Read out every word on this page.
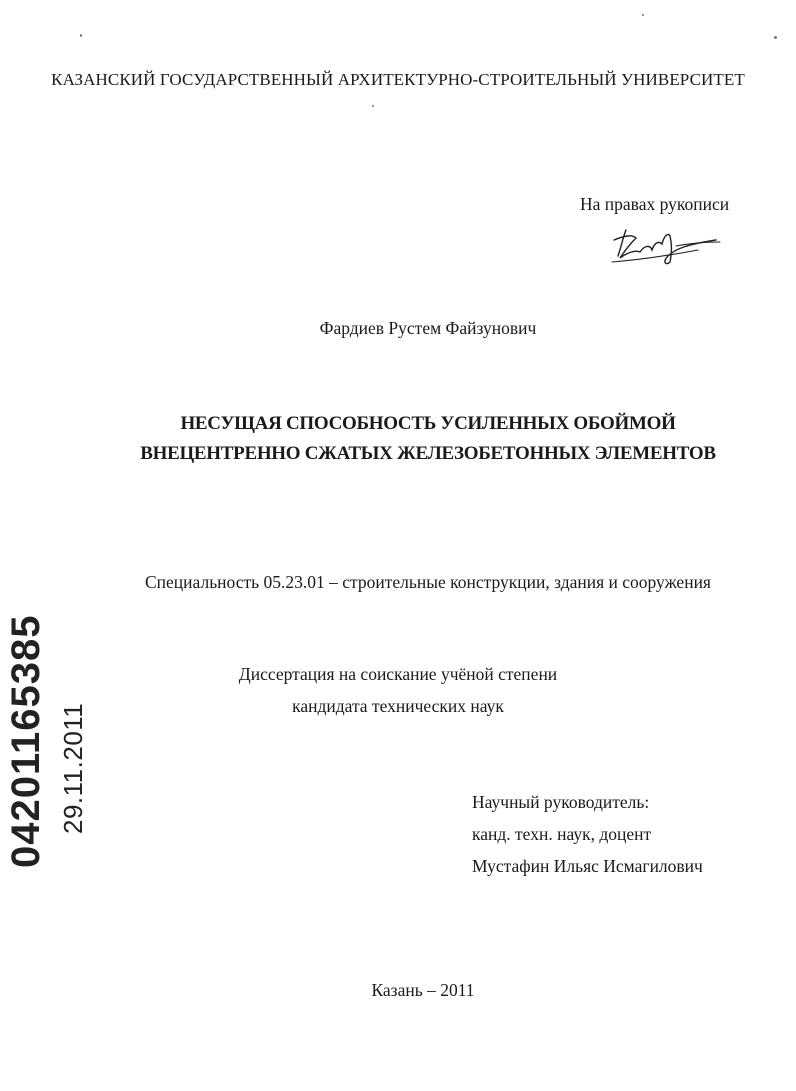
КАЗАНСКИЙ ГОСУДАРСТВЕННЫЙ АРХИТЕКТУРНО-СТРОИТЕЛЬНЫЙ УНИВЕРСИТЕТ
На правах рукописи
Фардиев Рустем Файзунович
НЕСУЩАЯ СПОСОБНОСТЬ УСИЛЕННЫХ ОБОЙМОЙ
ВНЕЦЕНТРЕННО СЖАТЫХ ЖЕЛЕЗОБЕТОННЫХ ЭЛЕМЕНТОВ
Специальность 05.23.01 – строительные конструкции, здания и сооружения
Диссертация на соискание учёной степени
кандидата технических наук
Научный руководитель:
канд. техн. наук, доцент
Мустафин Ильяс Исмагилович
Казань – 2011
04201165385 29.11.2011
